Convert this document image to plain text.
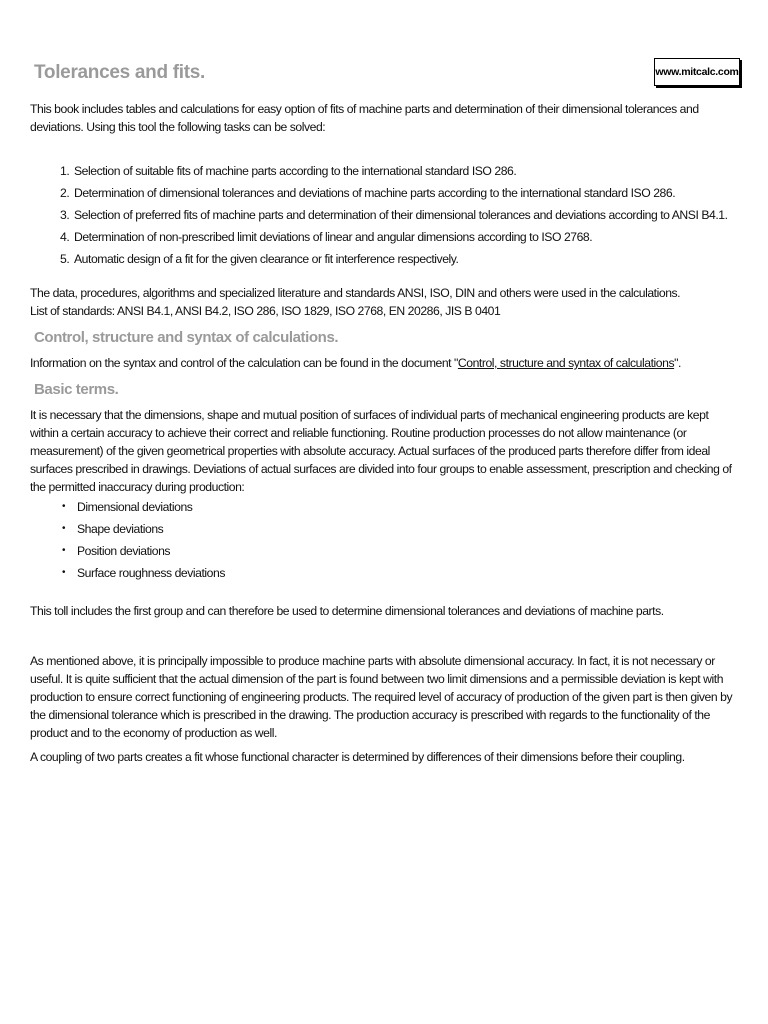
www.mitcalc.com
Tolerances and fits.

This book includes tables and calculations for easy option of fits of machine parts and determination of their dimensional tolerances and deviations. Using this tool the following tasks can be solved:

1. Selection of suitable fits of machine parts according to the international standard ISO 286.
2. Determination of dimensional tolerances and deviations of machine parts according to the international standard ISO 286.
3. Selection of preferred fits of machine parts and determination of their dimensional tolerances and deviations according to ANSI B4.1.
4. Determination of non-prescribed limit deviations of linear and angular dimensions according to ISO 2768.
5. Automatic design of a fit for the given clearance or fit interference respectively.

The data, procedures, algorithms and specialized literature and standards ANSI, ISO, DIN and others were used in the calculations.

List of standards: ANSI B4.1, ANSI B4.2, ISO 286, ISO 1829, ISO 2768, EN 20286, JIS B 0401

Control, structure and syntax of calculations.

Information on the syntax and control of the calculation can be found in the document "Control, structure and syntax of calculations".

Basic terms.

It is necessary that the dimensions, shape and mutual position of surfaces of individual parts of mechanical engineering products are kept within a certain accuracy to achieve their correct and reliable functioning. Routine production processes do not allow maintenance (or measurement) of the given geometrical properties with absolute accuracy. Actual surfaces of the produced parts therefore differ from ideal surfaces prescribed in drawings. Deviations of actual surfaces are divided into four groups to enable assessment, prescription and checking of the permitted inaccuracy during production:

• Dimensional deviations
• Shape deviations
• Position deviations
• Surface roughness deviations

This toll includes the first group and can therefore be used to determine dimensional tolerances and deviations of machine parts.

As mentioned above, it is principally impossible to produce machine parts with absolute dimensional accuracy. In fact, it is not necessary or useful. It is quite sufficient that the actual dimension of the part is found between two limit dimensions and a permissible deviation is kept with production to ensure correct functioning of engineering products. The required level of accuracy of production of the given part is then given by the dimensional tolerance which is prescribed in the drawing. The production accuracy is prescribed with regards to the functionality of the product and to the economy of production as well.

A coupling of two parts creates a fit whose functional character is determined by differences of their dimensions before their coupling.
